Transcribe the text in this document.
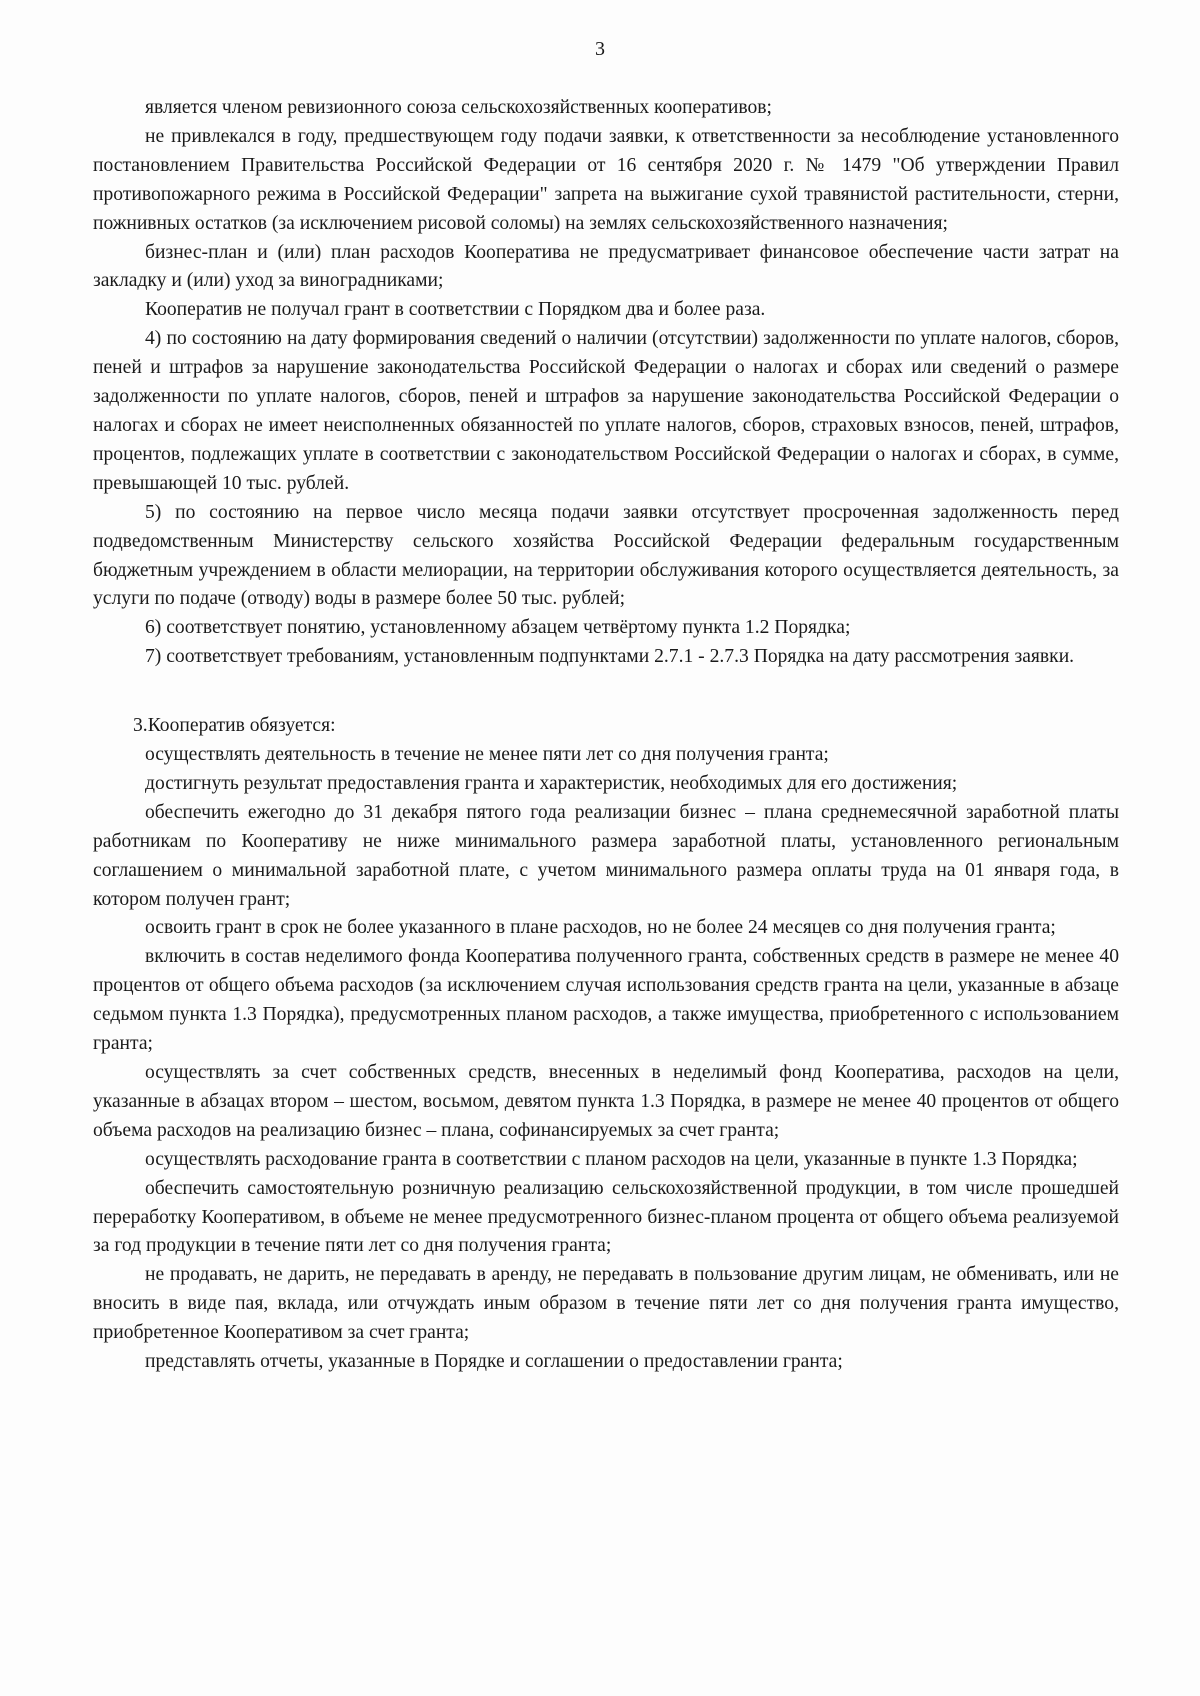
3

является членом ревизионного союза сельскохозяйственных кооперативов;

не привлекался в году, предшествующем году подачи заявки, к ответственности за несоблюдение установленного постановлением Правительства Российской Федерации от 16 сентября 2020 г. № 1479 "Об утверждении Правил противопожарного режима в Российской Федерации" запрета на выжигание сухой травянистой растительности, стерни, пожнивных остатков (за исключением рисовой соломы) на землях сельскохозяйственного назначения;

бизнес-план и (или) план расходов Кооператива не предусматривает финансовое обеспечение части затрат на закладку и (или) уход за виноградниками;

Кооператив не получал грант в соответствии с Порядком два и более раза.

4) по состоянию на дату формирования сведений о наличии (отсутствии) задолженности по уплате налогов, сборов, пеней и штрафов за нарушение законодательства Российской Федерации о налогах и сборах или сведений о размере задолженности по уплате налогов, сборов, пеней и штрафов за нарушение законодательства Российской Федерации о налогах и сборах не имеет неисполненных обязанностей по уплате налогов, сборов, страховых взносов, пеней, штрафов, процентов, подлежащих уплате в соответствии с законодательством Российской Федерации о налогах и сборах, в сумме, превышающей 10 тыс. рублей.

5) по состоянию на первое число месяца подачи заявки отсутствует просроченная задолженность перед подведомственным Министерству сельского хозяйства Российской Федерации федеральным государственным бюджетным учреждением в области мелиорации, на территории обслуживания которого осуществляется деятельность, за услуги по подаче (отводу) воды в размере более 50 тыс. рублей;

6) соответствует понятию, установленному абзацем четвёртому пункта 1.2 Порядка;

7) соответствует требованиям, установленным подпунктами 2.7.1 - 2.7.3 Порядка на дату рассмотрения заявки.

3.Кооператив обязуется:

осуществлять деятельность в течение не менее пяти лет со дня получения гранта;

достигнуть результат предоставления гранта и характеристик, необходимых для его достижения;

обеспечить ежегодно до 31 декабря пятого года реализации бизнес – плана среднемесячной заработной платы работникам по Кооперативу не ниже минимального размера заработной платы, установленного региональным соглашением о минимальной заработной плате, с учетом минимального размера оплаты труда на 01 января года, в котором получен грант;

освоить грант в срок не более указанного в плане расходов, но не более 24 месяцев со дня получения гранта;

включить в состав неделимого фонда Кооператива полученного гранта, собственных средств в размере не менее 40 процентов от общего объема расходов (за исключением случая использования средств гранта на цели, указанные в абзаце седьмом пункта 1.3 Порядка), предусмотренных планом расходов, а также имущества, приобретенного с использованием гранта;

осуществлять за счет собственных средств, внесенных в неделимый фонд Кооператива, расходов на цели, указанные в абзацах втором – шестом, восьмом, девятом пункта 1.3 Порядка, в размере не менее 40 процентов от общего объема расходов на реализацию бизнес – плана, софинансируемых за счет гранта;

осуществлять расходование гранта в соответствии с планом расходов на цели, указанные в пункте 1.3 Порядка;

обеспечить самостоятельную розничную реализацию сельскохозяйственной продукции, в том числе прошедшей переработку Кооперативом, в объеме не менее предусмотренного бизнес-планом процента от общего объема реализуемой за год продукции в течение пяти лет со дня получения гранта;

не продавать, не дарить, не передавать в аренду, не передавать в пользование другим лицам, не обменивать, или не вносить в виде пая, вклада, или отчуждать иным образом в течение пяти лет со дня получения гранта имущество, приобретенное Кооперативом за счет гранта;

представлять отчеты, указанные в Порядке и соглашении о предоставлении гранта;
